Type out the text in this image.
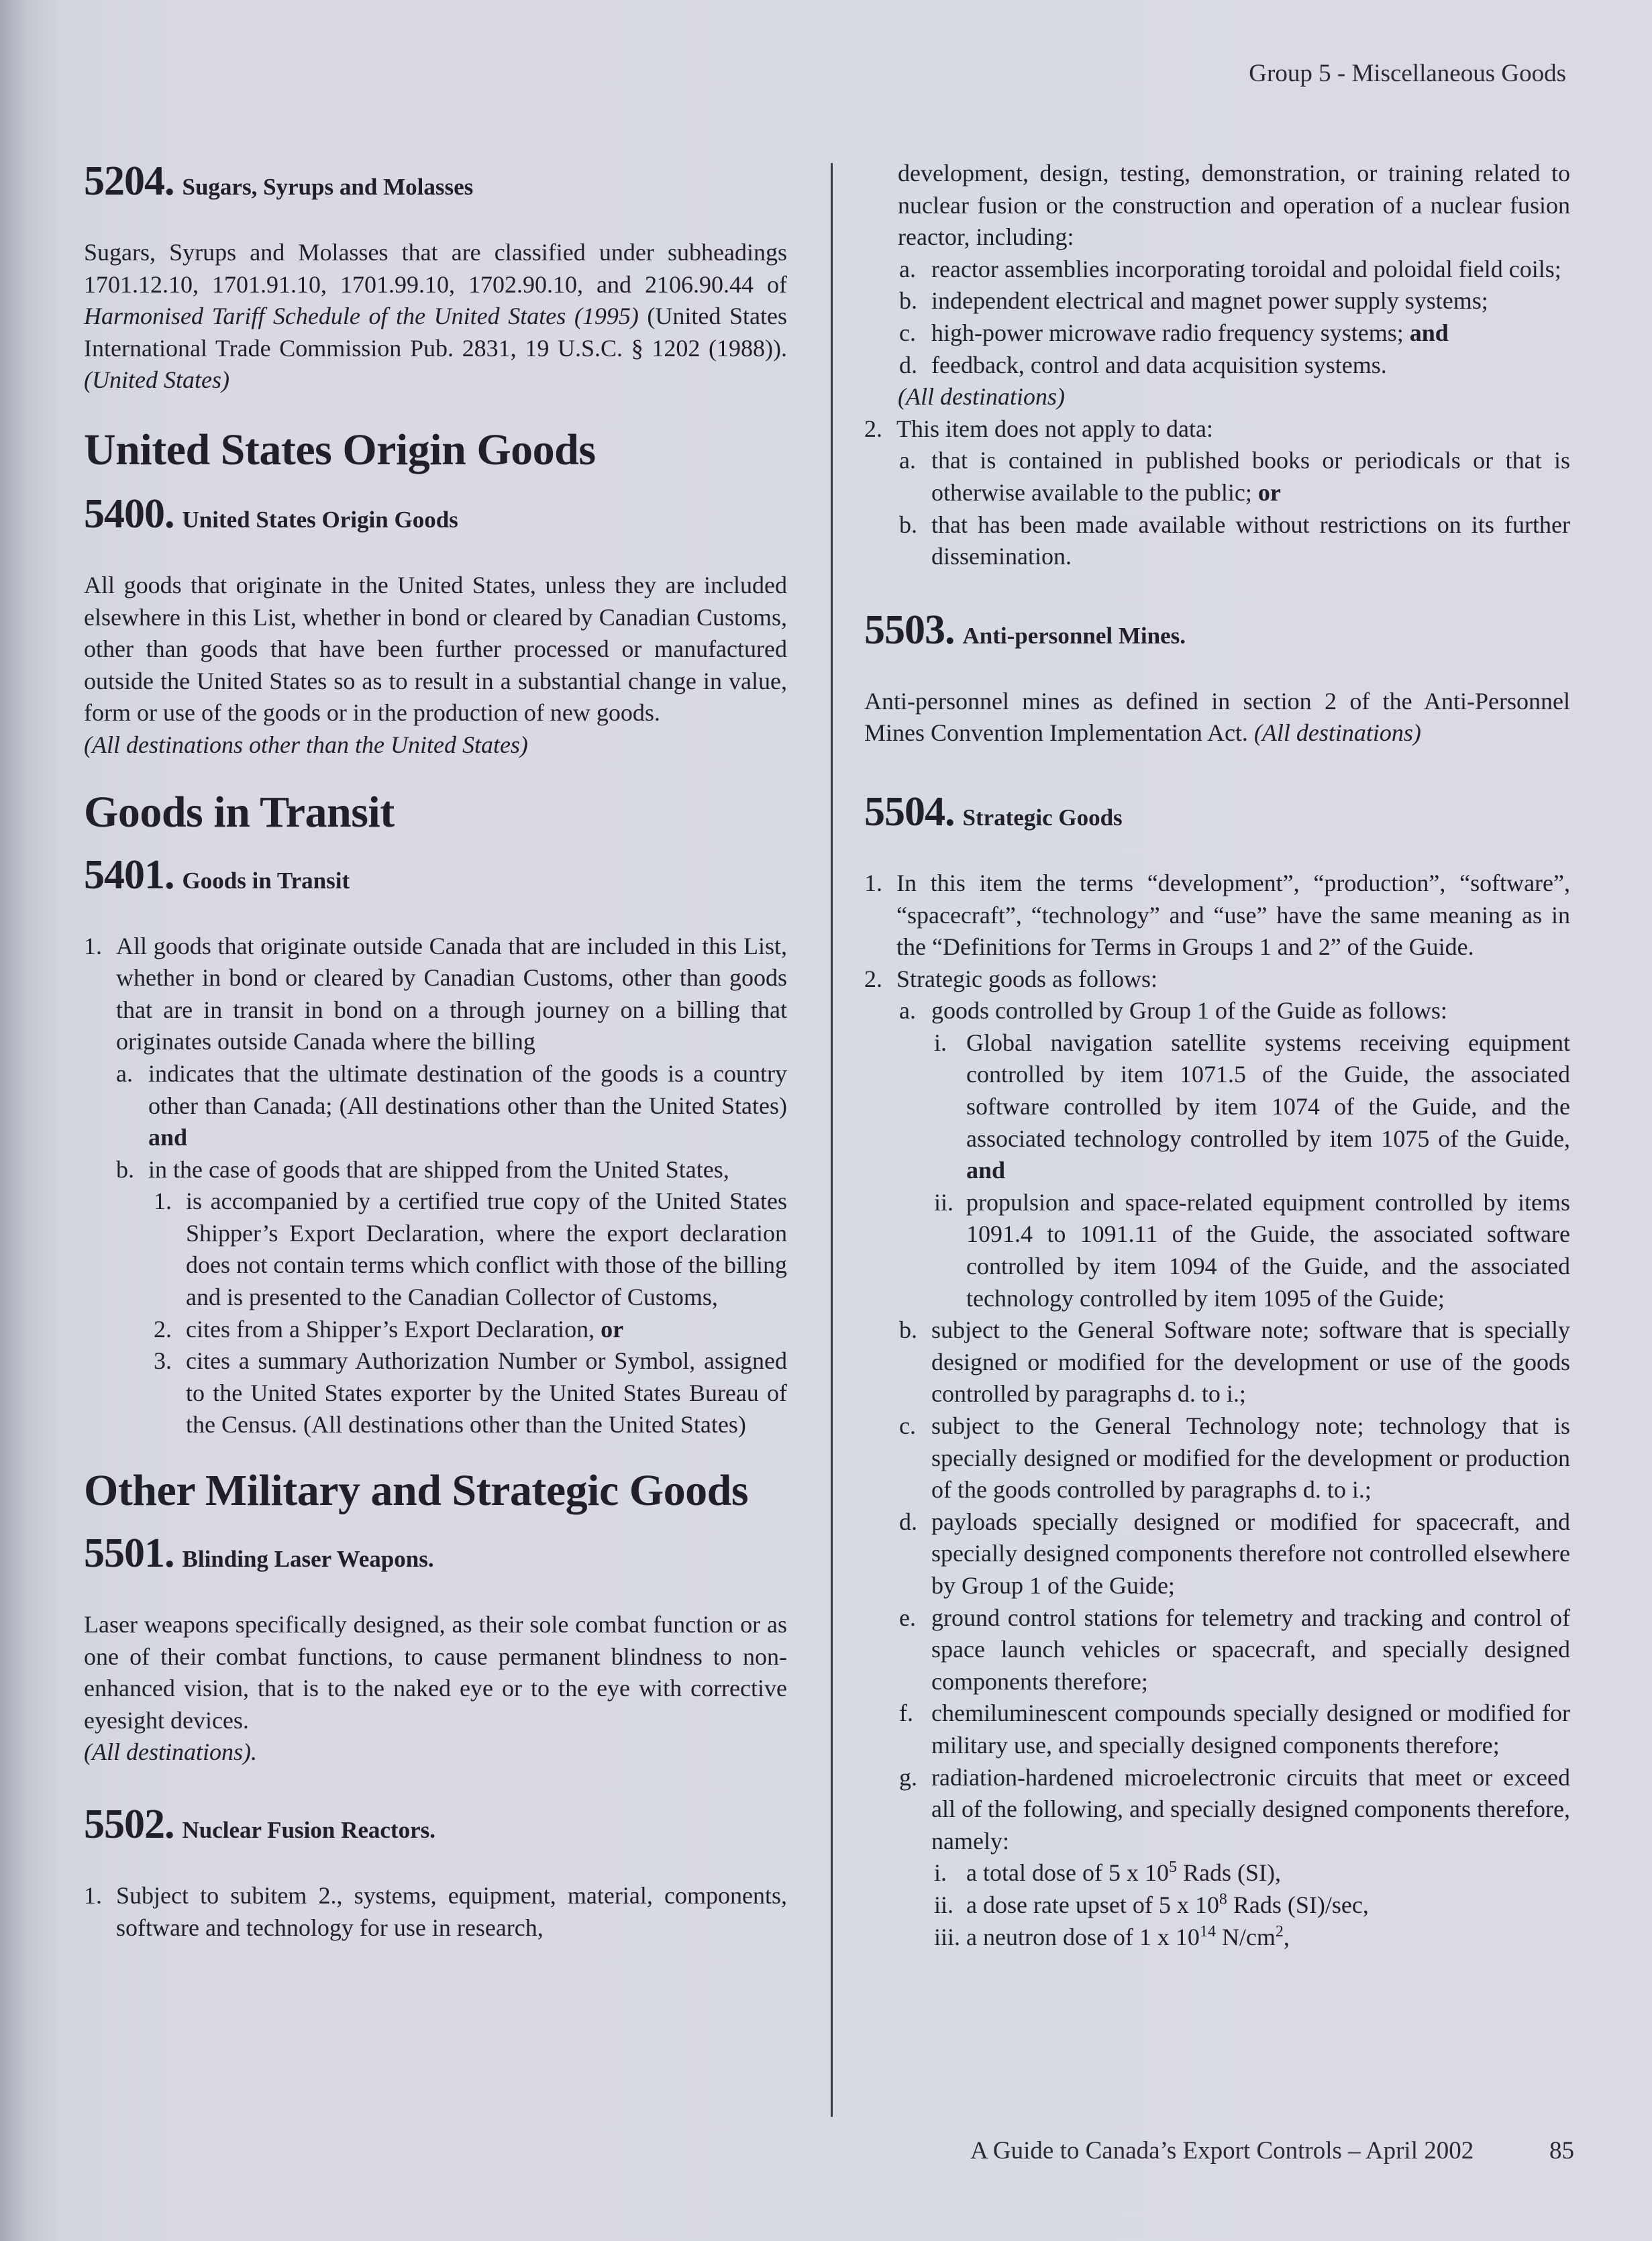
Group 5 - Miscellaneous Goods
5204. Sugars, Syrups and Molasses

Sugars, Syrups and Molasses that are classified under subheadings 1701.12.10, 1701.91.10, 1701.99.10, 1702.90.10, and 2106.90.44 of Harmonised Tariff Schedule of the United States (1995) (United States International Trade Commission Pub. 2831, 19 U.S.C. § 1202 (1988)). (United States)

United States Origin Goods
5400. United States Origin Goods

All goods that originate in the United States, unless they are included elsewhere in this List, whether in bond or cleared by Canadian Customs, other than goods that have been further processed or manufactured outside the United States so as to result in a substantial change in value, form or use of the goods or in the production of new goods.

(All destinations other than the United States)

Goods in Transit
5401. Goods in Transit
1. All goods that originate outside Canada that are included in this List, whether in bond or cleared by Canadian Customs, other than goods that are in transit in bond on a through journey on a billing that originates outside Canada where the billing
a. indicates that the ultimate destination of the goods is a country other than Canada; (All destinations other than the United States) and
b. in the case of goods that are shipped from the United States,
1. is accompanied by a certified true copy of the United States Shipper’s Export Declaration, where the export declaration does not contain terms which conflict with those of the billing and is presented to the Canadian Collector of Customs,
2. cites from a Shipper’s Export Declaration, or
3. cites a summary Authorization Number or Symbol, assigned to the United States exporter by the United States Bureau of the Census. (All destinations other than the United States)
Other Military and Strategic Goods
5501. Blinding Laser Weapons.

Laser weapons specifically designed, as their sole combat function or as one of their combat functions, to cause permanent blindness to non-enhanced vision, that is to the naked eye or to the eye with corrective eyesight devices.

(All destinations).

5502. Nuclear Fusion Reactors.
1. Subject to subitem 2., systems, equipment, material, components, software and technology for use in research,

development, design, testing, demonstration, or training related to nuclear fusion or the construction and operation of a nuclear fusion reactor, including:

a. reactor assemblies incorporating toroidal and poloidal field coils;
b. independent electrical and magnet power supply systems;
c. high-power microwave radio frequency systems; and
d. feedback, control and data acquisition systems.

(All destinations)

2. This item does not apply to data:
a. that is contained in published books or periodicals or that is otherwise available to the public; or
b. that has been made available without restrictions on its further dissemination.
5503. Anti-personnel Mines.

Anti-personnel mines as defined in section 2 of the Anti-Personnel Mines Convention Implementation Act. (All destinations)

5504. Strategic Goods
1. In this item the terms “development”, “production”, “software”, “spacecraft”, “technology” and “use” have the same meaning as in the “Definitions for Terms in Groups 1 and 2” of the Guide.
2. Strategic goods as follows:
a. goods controlled by Group 1 of the Guide as follows:
i. Global navigation satellite systems receiving equipment controlled by item 1071.5 of the Guide, the associated software controlled by item 1074 of the Guide, and the associated technology controlled by item 1075 of the Guide, and
ii. propulsion and space-related equipment controlled by items 1091.4 to 1091.11 of the Guide, the associated software controlled by item 1094 of the Guide, and the associated technology controlled by item 1095 of the Guide;
b. subject to the General Software note; software that is specially designed or modified for the development or use of the goods controlled by paragraphs d. to i.;
c. subject to the General Technology note; technology that is specially designed or modified for the development or production of the goods controlled by paragraphs d. to i.;
d. payloads specially designed or modified for spacecraft, and specially designed components therefore not controlled elsewhere by Group 1 of the Guide;
e. ground control stations for telemetry and tracking and control of space launch vehicles or spacecraft, and specially designed components therefore;
f. chemiluminescent compounds specially designed or modified for military use, and specially designed components therefore;
g. radiation-hardened microelectronic circuits that meet or exceed all of the following, and specially designed components therefore, namely:
i. a total dose of 5 x $10^5$ Rads (SI),
ii. a dose rate upset of 5 x $10^8$ Rads (SI)/sec,
iii. a neutron dose of 1 x $10^{14}$ $N/cm^2$,
A Guide to Canada’s Export Controls – April 2002	85
